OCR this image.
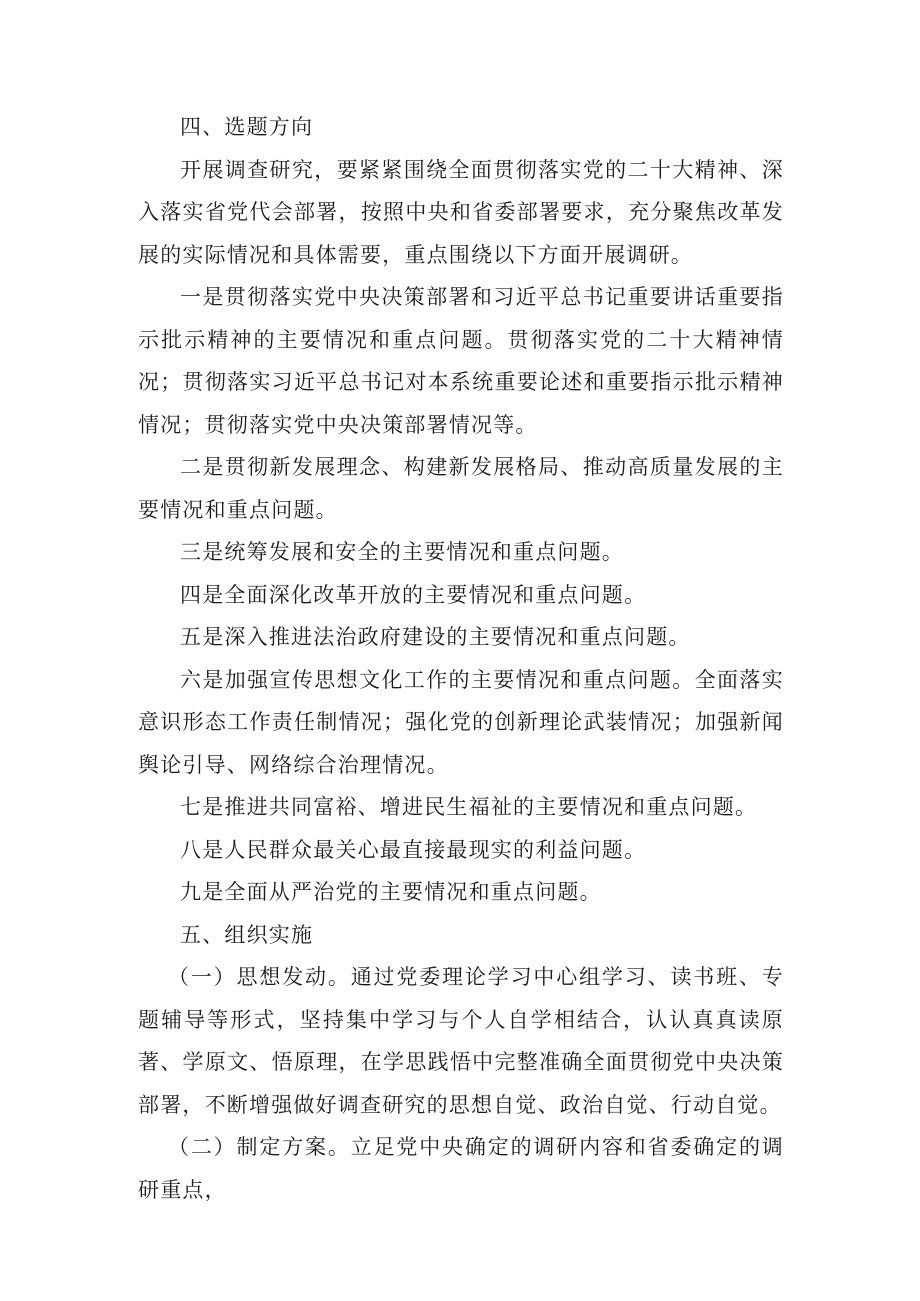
四、选题方向

开展调查研究，要紧紧围绕全面贯彻落实党的二十大精神、深入落实省党代会部署，按照中央和省委部署要求，充分聚焦改革发展的实际情况和具体需要，重点围绕以下方面开展调研。

一是贯彻落实党中央决策部署和习近平总书记重要讲话重要指示批示精神的主要情况和重点问题。贯彻落实党的二十大精神情况；贯彻落实习近平总书记对本系统重要论述和重要指示批示精神情况；贯彻落实党中央决策部署情况等。

二是贯彻新发展理念、构建新发展格局、推动高质量发展的主要情况和重点问题。

三是统筹发展和安全的主要情况和重点问题。

四是全面深化改革开放的主要情况和重点问题。

五是深入推进法治政府建设的主要情况和重点问题。

六是加强宣传思想文化工作的主要情况和重点问题。全面落实意识形态工作责任制情况；强化党的创新理论武装情况；加强新闻舆论引导、网络综合治理情况。

七是推进共同富裕、增进民生福祉的主要情况和重点问题。

八是人民群众最关心最直接最现实的利益问题。

九是全面从严治党的主要情况和重点问题。

五、组织实施

（一）思想发动。通过党委理论学习中心组学习、读书班、专题辅导等形式，坚持集中学习与个人自学相结合，认认真真读原著、学原文、悟原理，在学思践悟中完整准确全面贯彻党中央决策部署，不断增强做好调查研究的思想自觉、政治自觉、行动自觉。

（二）制定方案。立足党中央确定的调研内容和省委确定的调研重点，
